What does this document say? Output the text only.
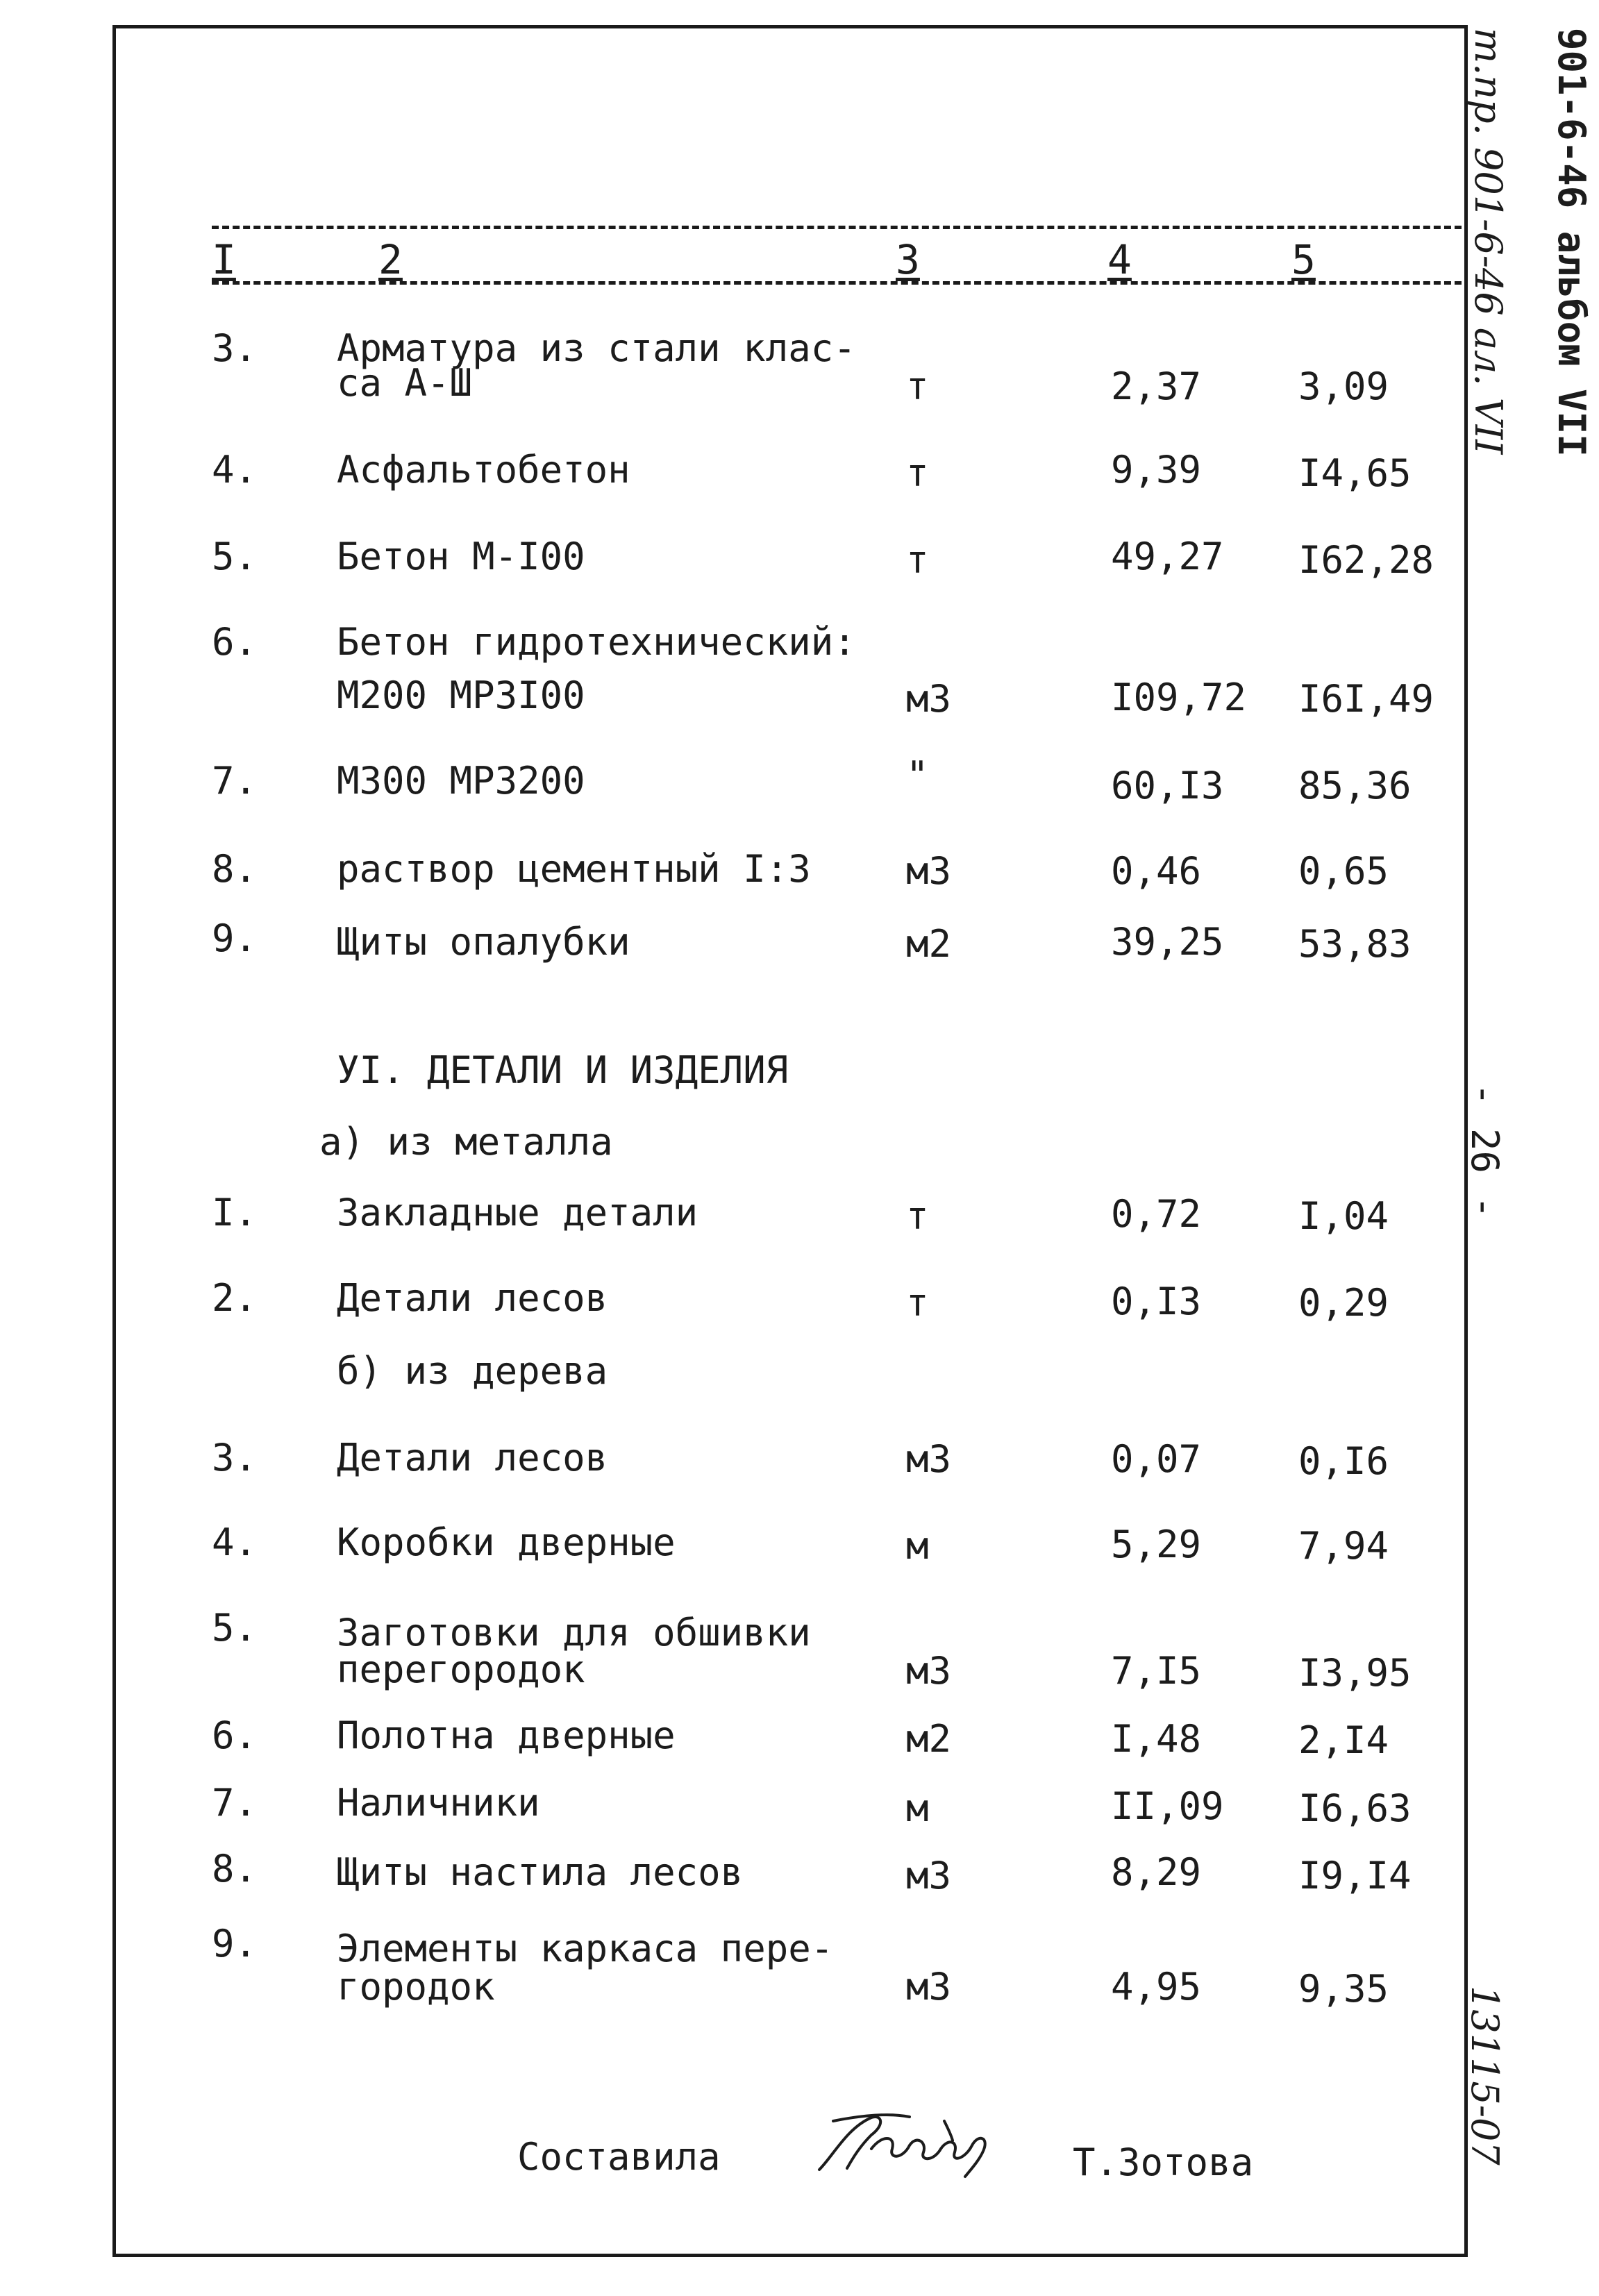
901-6-46 альбом VII
т.пр. 901-6-46 ал. VII
- 26 -
13115-07
I	2	3	4	5
3. Арматура из стали клас-
са А-Ш	т	2,37	3,09
4. Асфальтобетон	т	9,39	I4,65
5. Бетон М-I00	т	49,27 I62,28
6. Бетон гидротехнический:
М200 МРЗI00	м3	I09,72 I6I,49
7. М300 МРЗ200	"	60,I3 85,36
8. раствор цементный I:3	м3	0,46	0,65
9. Щиты опалубки	м2	39,25 53,83
УI. ДЕТАЛИ И ИЗДЕЛИЯ
а) из металла
I. Закладные детали	т	0,72	I,04
2. Детали лесов	т	0,I3	0,29
б) из дерева
3. Детали лесов	м3	0,07	0,I6
4. Коробки дверные	м	5,29	7,94
5. Заготовки для обшивки
перегородок	м3	7,I5	I3,95
6. Полотна дверные	м2	I,48	2,I4
7. Наличники	м	II,09 I6,63
8. Щиты настила лесов	м3	8,29	I9,I4
9. Элементы каркаса пере-
городок	м3	4,95	9,35
Составила	Т.Зотова
